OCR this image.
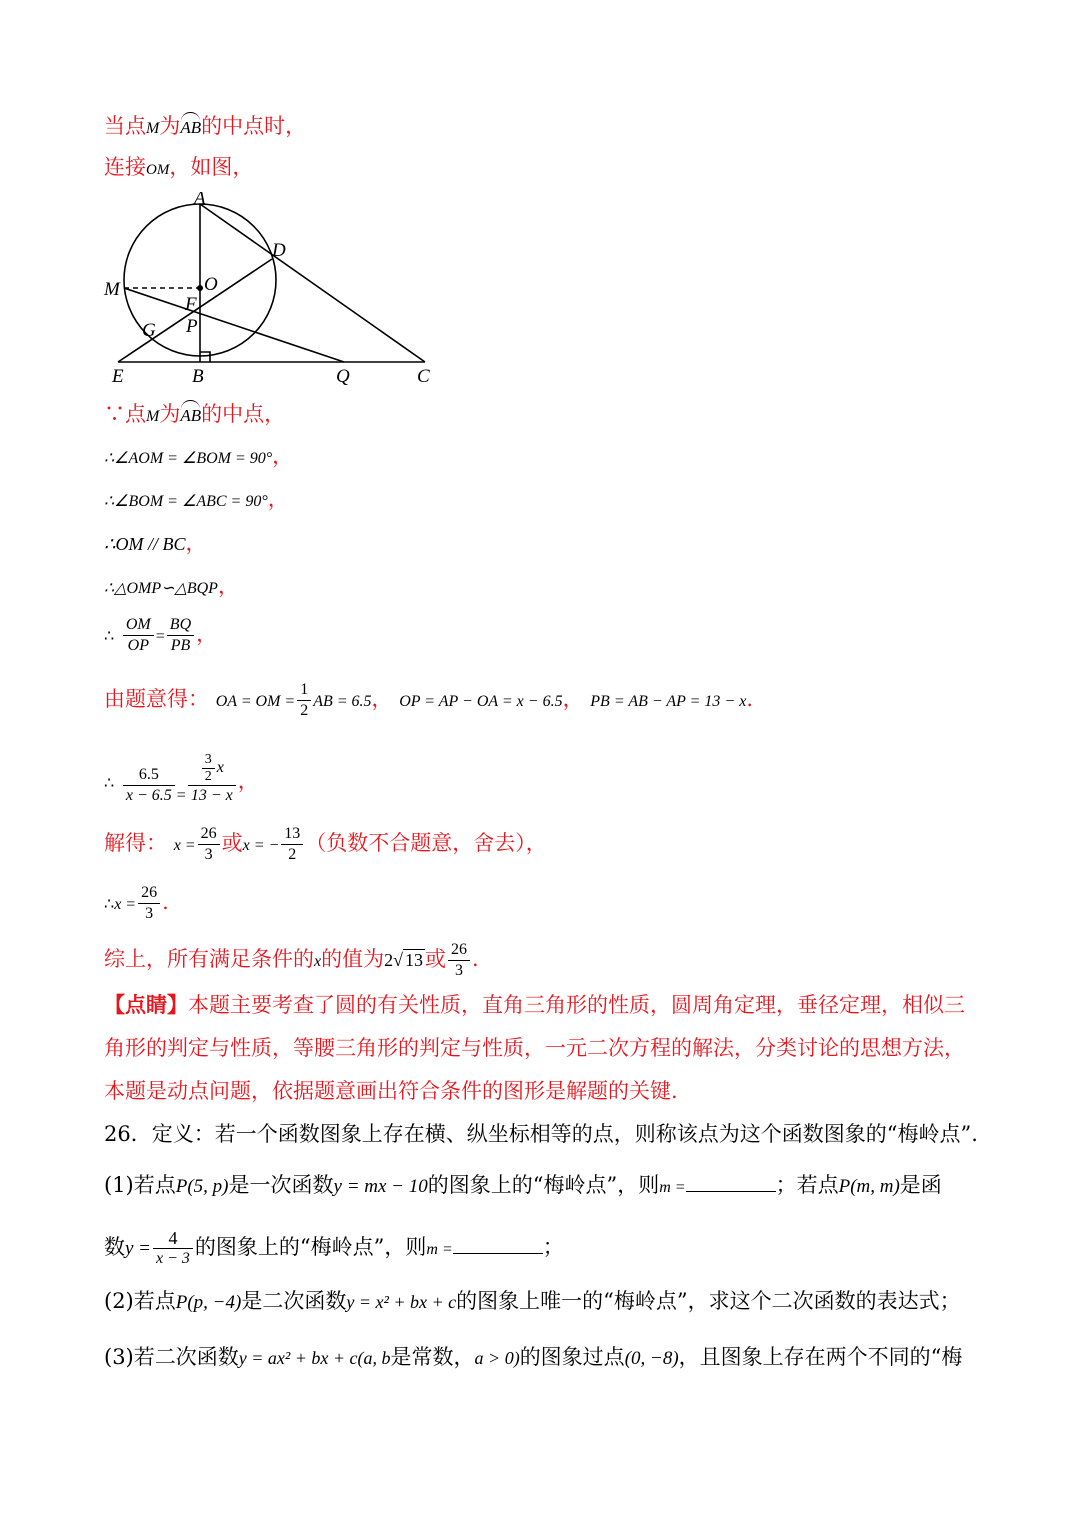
当点M为AB的中点时，
连接OM，如图，
A
D
M	O
F
G P
E	B	Q	C
∵点M为AB的中点，
∴∠AOM = ∠BOM = 90°，
∴∠BOM = ∠ABC = 90°，
∴OM // BC，
∴△OMP∽△BQP，
∴ $\frac{OM}{OP} = \frac{BQ}{PB}$ ，
由题意得： OA = OM = $\frac{1}{2}$ AB = 6.5， OP = AP − OA = x − 6.5， PB = AB − AP = 13 − x.
∴ $\frac{6.5}{x - 6.5} _= \frac{\frac{3}{2} x}{13 - x}$ ，
解得： $x = \frac{26}{3}$ 或x = − $\frac{13}{2}$ （负数不合题意，舍去），
∴x = $\frac{26}{3}$ .
综上，所有满足条件的x的值为2√ 13或 $\frac{26}{3}$ .
【点睛】本题主要考查了圆的有关性质，直角三角形的性质，圆周角定理，垂径定理，相似三角形的判定与性质，等腰三角形的判定与性质，一元二次方程的解法，分类讨论的思想方法，本题是动点问题，依据题意画出符合条件的图形是解题的关键.
26．定义：若一个函数图象上存在横、纵坐标相等的点，则称该点为这个函数图象的“梅岭点”.
(1)若点P(5, p)是一次函数y = mx − 10的图象上的“梅岭点”，则m =	；若点P(m, m)是函
数$y = \frac{4}{x - 3}$ 的图象上的“梅岭点”，则m =	；
(2)若点P(p, −4)是二次函数y = x² + bx + c的图象上唯一的“梅岭点”，求这个二次函数的表达式；
(3)若二次函数y = ax² + bx + c(a, b是常数，a > 0)的图象过点(0, −8)，且图象上存在两个不同的“梅
